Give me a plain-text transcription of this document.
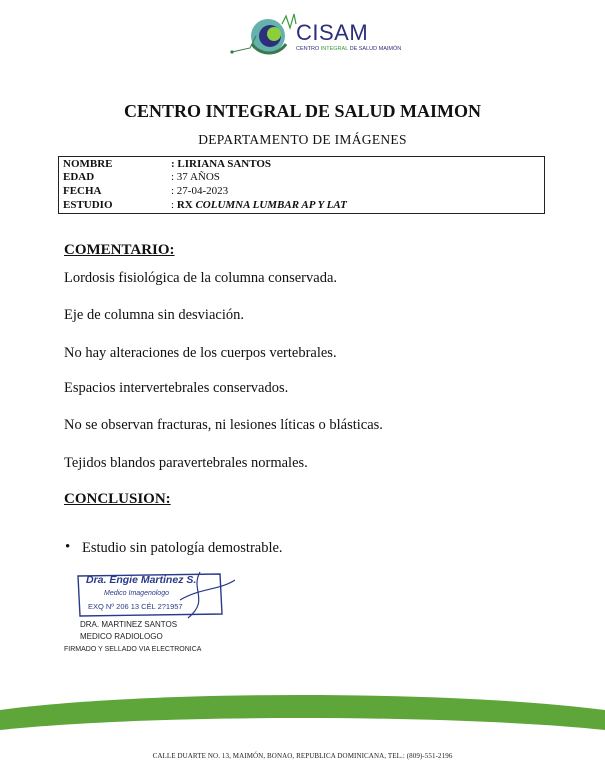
CISAM
CENTRO INTEGRAL DE SALUD MAIMÓN
CENTRO INTEGRAL DE SALUD MAIMON
DEPARTAMENTO DE IMÁGENES
NOMBRE	: LIRIANA SANTOS
EDAD	: 37 AÑOS
FECHA	: 27-04-2023
ESTUDIO	: RX COLUMNA LUMBAR AP Y LAT
COMENTARIO:
Lordosis fisiológica de la columna conservada.
Eje de columna sin desviación.
No hay alteraciones de los cuerpos vertebrales.
Espacios intervertebrales conservados.
No se observan fracturas, ni lesiones líticas o blásticas.
Tejidos blandos paravertebrales normales.
CONCLUSION:
• Estudio sin patología demostrable.
Dra. Engie Martinez S.
Medico Imagenologo
EXQ Nº 206 13 CÉL 2?1957
DRA. MARTINEZ SANTOS
MEDICO RADIOLOGO
FIRMADO Y SELLADO VIA ELECTRONICA
CALLE DUARTE NO. 13, MAIMÓN, BONAO, REPUBLICA DOMINICANA, TEL.: (809)-551-2196
